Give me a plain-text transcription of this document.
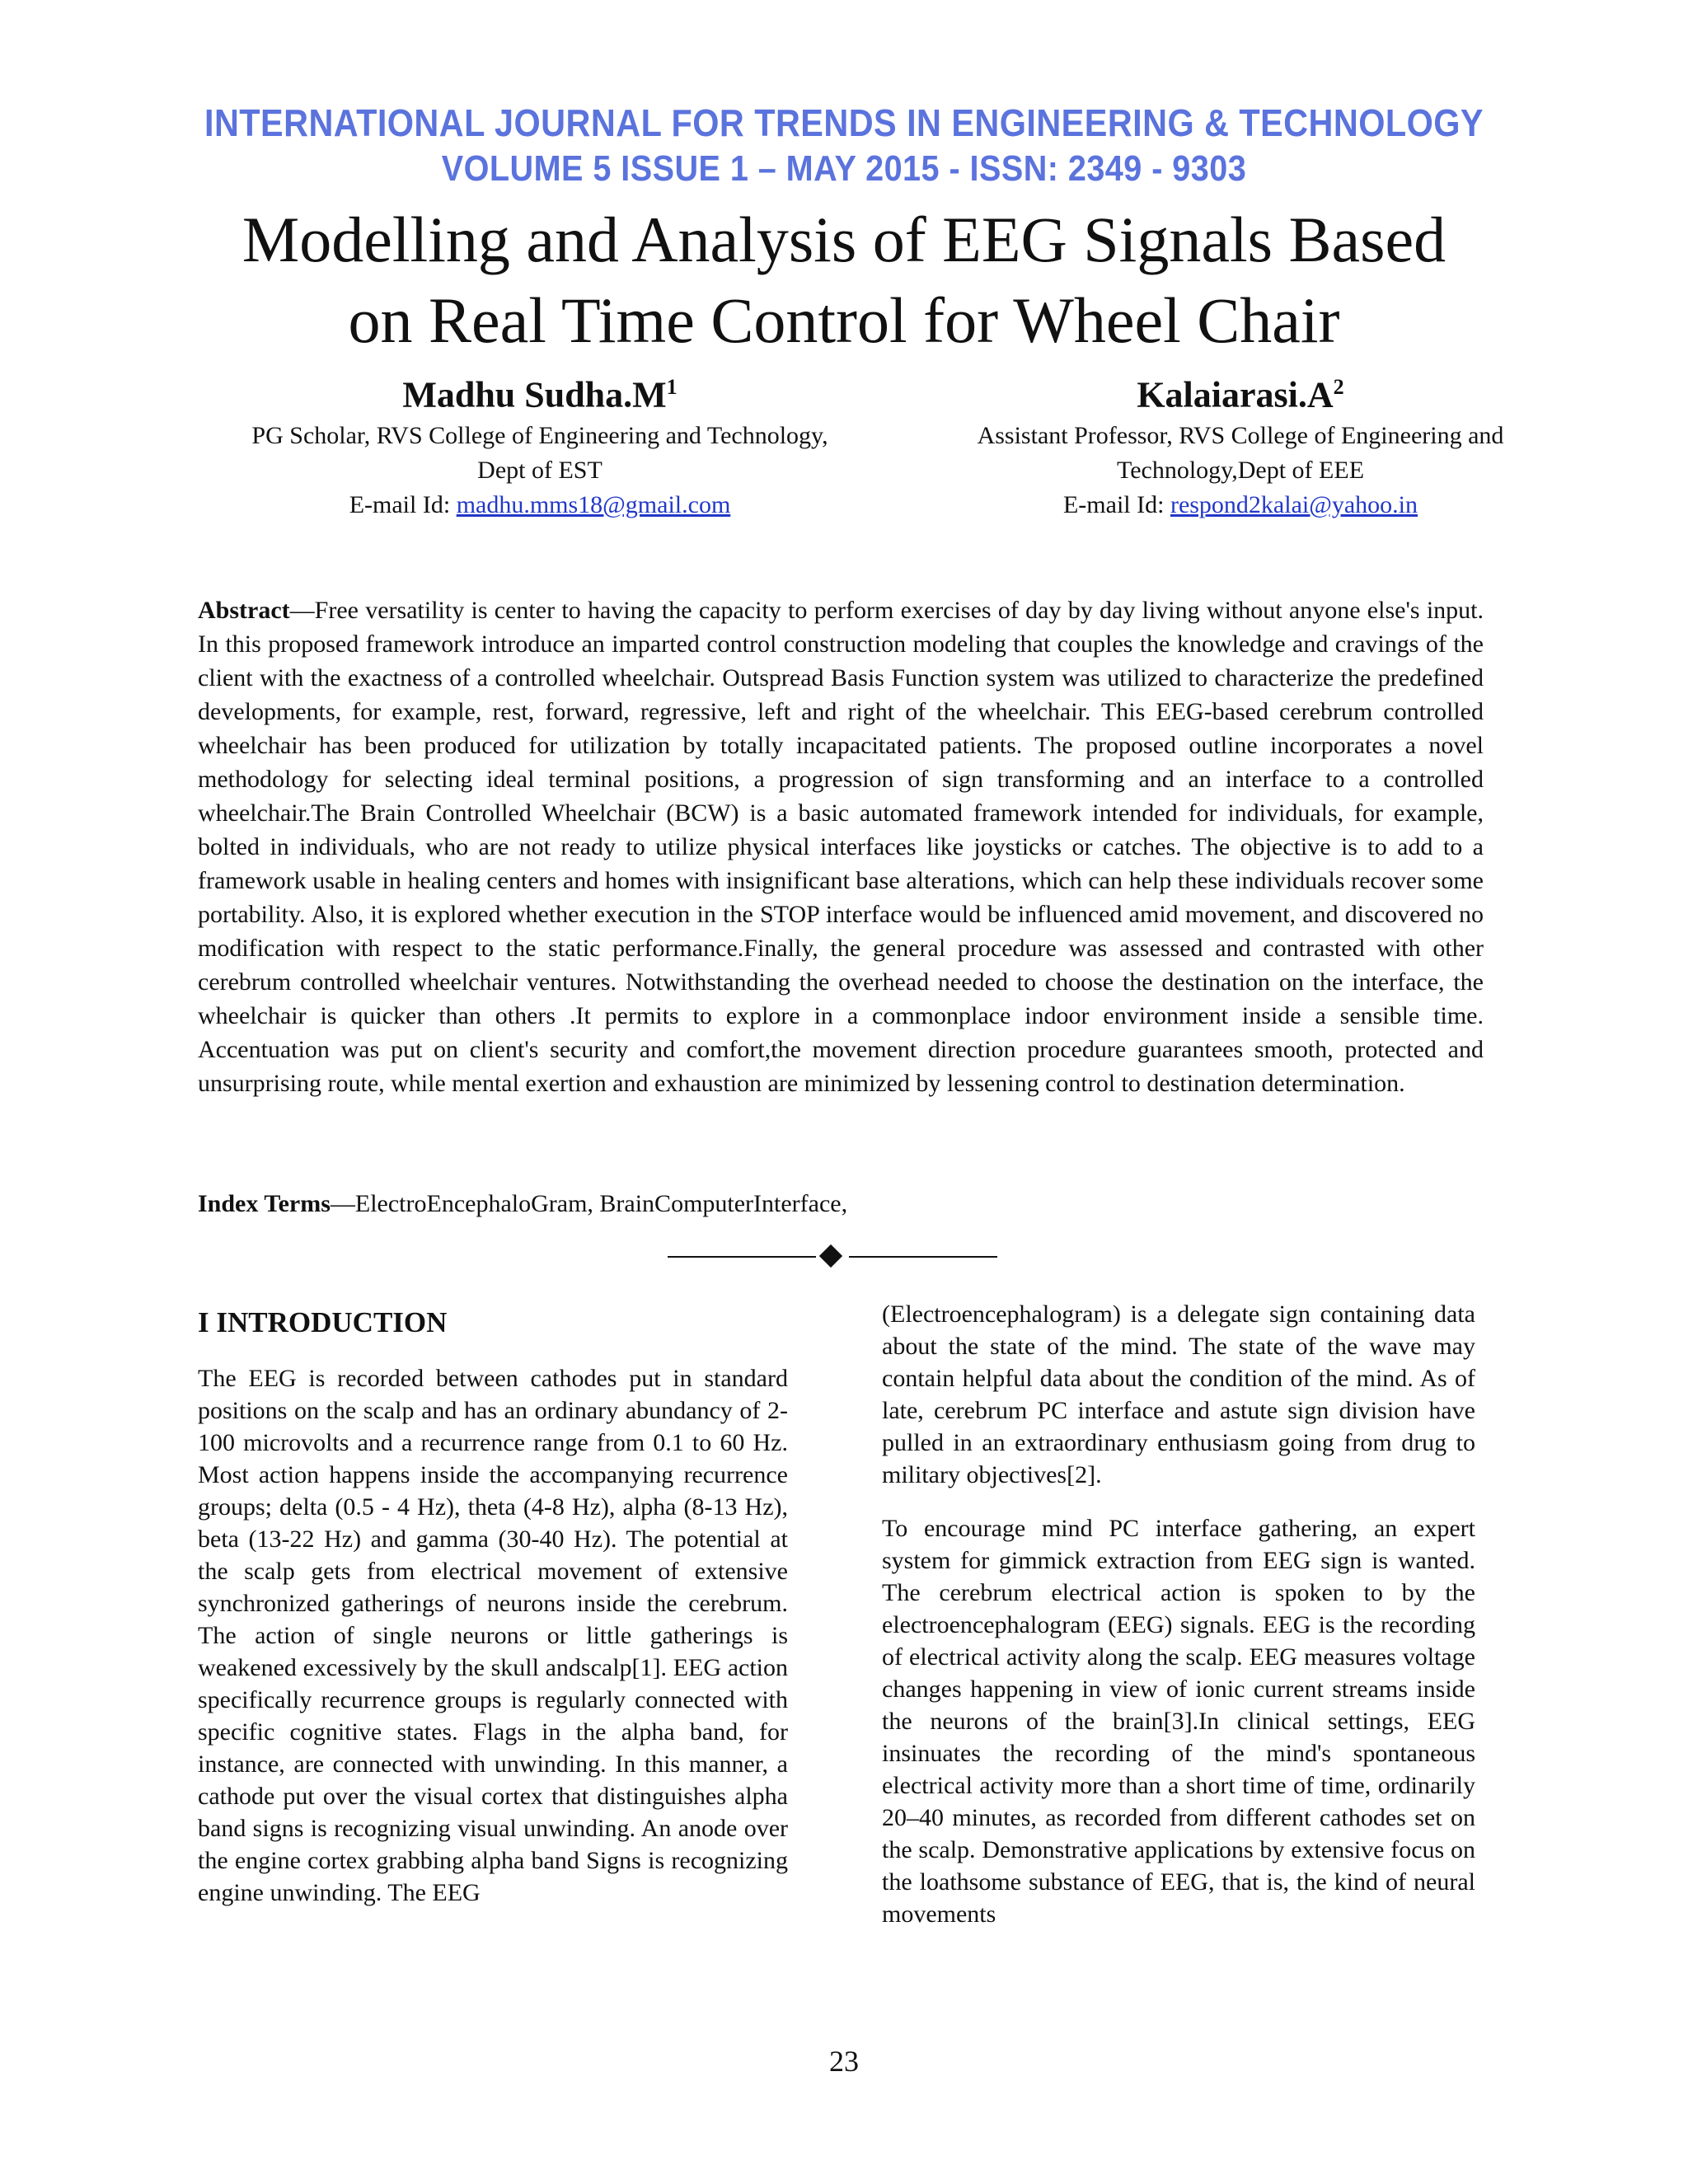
INTERNATIONAL JOURNAL FOR TRENDS IN ENGINEERING & TECHNOLOGY
VOLUME 5 ISSUE 1 – MAY 2015 - ISSN: 2349 - 9303
Modelling and Analysis of EEG Signals Based
on Real Time Control for Wheel Chair
Madhu $Sudha.M^1$
PG Scholar, RVS College of Engineering and Technology,
Dept of EST
E-mail Id: madhu.mms18@gmail.com
$Kalaiarasi.A^2$
Assistant Professor, RVS College of Engineering and
Technology,Dept of EEE
E-mail Id: respond2kalai@yahoo.in
Abstract—Free versatility is center to having the capacity to perform exercises of day by day living without anyone else's input. In this proposed framework introduce an imparted control construction modeling that couples the knowledge and cravings of the client with the exactness of a controlled wheelchair. Outspread Basis Function system was utilized to characterize the predefined developments, for example, rest, forward, regressive, left and right of the wheelchair. This EEG-based cerebrum controlled wheelchair has been produced for utilization by totally incapacitated patients. The proposed outline incorporates a novel methodology for selecting ideal terminal positions, a progression of sign transforming and an interface to a controlled wheelchair.The Brain Controlled Wheelchair (BCW) is a basic automated framework intended for individuals, for example, bolted in individuals, who are not ready to utilize physical interfaces like joysticks or catches. The objective is to add to a framework usable in healing centers and homes with insignificant base alterations, which can help these individuals recover some portability. Also, it is explored whether execution in the STOP interface would be influenced amid movement, and discovered no modification with respect to the static performance.Finally, the general procedure was assessed and contrasted with other cerebrum controlled wheelchair ventures. Notwithstanding the overhead needed to choose the destination on the interface, the wheelchair is quicker than others .It permits to explore in a commonplace indoor environment inside a sensible time. Accentuation was put on client's security and comfort,the movement direction procedure guarantees smooth, protected and unsurprising route, while mental exertion and exhaustion are minimized by lessening control to destination determination.
Index Terms—ElectroEncephaloGram, BrainComputerInterface,
I INTRODUCTION

The EEG is recorded between cathodes put in standard positions on the scalp and has an ordinary abundancy of 2-100 microvolts and a recurrence range from 0.1 to 60 Hz. Most action happens inside the accompanying recurrence groups; delta (0.5 - 4 Hz), theta (4-8 Hz), alpha (8-13 Hz), beta (13-22 Hz) and gamma (30-40 Hz). The potential at the scalp gets from electrical movement of extensive synchronized gatherings of neurons inside the cerebrum. The action of single neurons or little gatherings is weakened excessively by the skull andscalp[1]. EEG action specifically recurrence groups is regularly connected with specific cognitive states. Flags in the alpha band, for instance, are connected with unwinding. In this manner, a cathode put over the visual cortex that distinguishes alpha band signs is recognizing visual unwinding. An anode over the engine cortex grabbing alpha band Signs is recognizing engine unwinding. The EEG

(Electroencephalogram) is a delegate sign containing data about the state of the mind. The state of the wave may contain helpful data about the condition of the mind. As of late, cerebrum PC interface and astute sign division have pulled in an extraordinary enthusiasm going from drug to military objectives[2].

To encourage mind PC interface gathering, an expert system for gimmick extraction from EEG sign is wanted. The cerebrum electrical action is spoken to by the electroencephalogram (EEG) signals. EEG is the recording of electrical activity along the scalp. EEG measures voltage changes happening in view of ionic current streams inside the neurons of the brain[3].In clinical settings, EEG insinuates the recording of the mind's spontaneous electrical activity more than a short time of time, ordinarily 20–40 minutes, as recorded from different cathodes set on the scalp. Demonstrative applications by extensive focus on the loathsome substance of EEG, that is, the kind of neural movements

23
